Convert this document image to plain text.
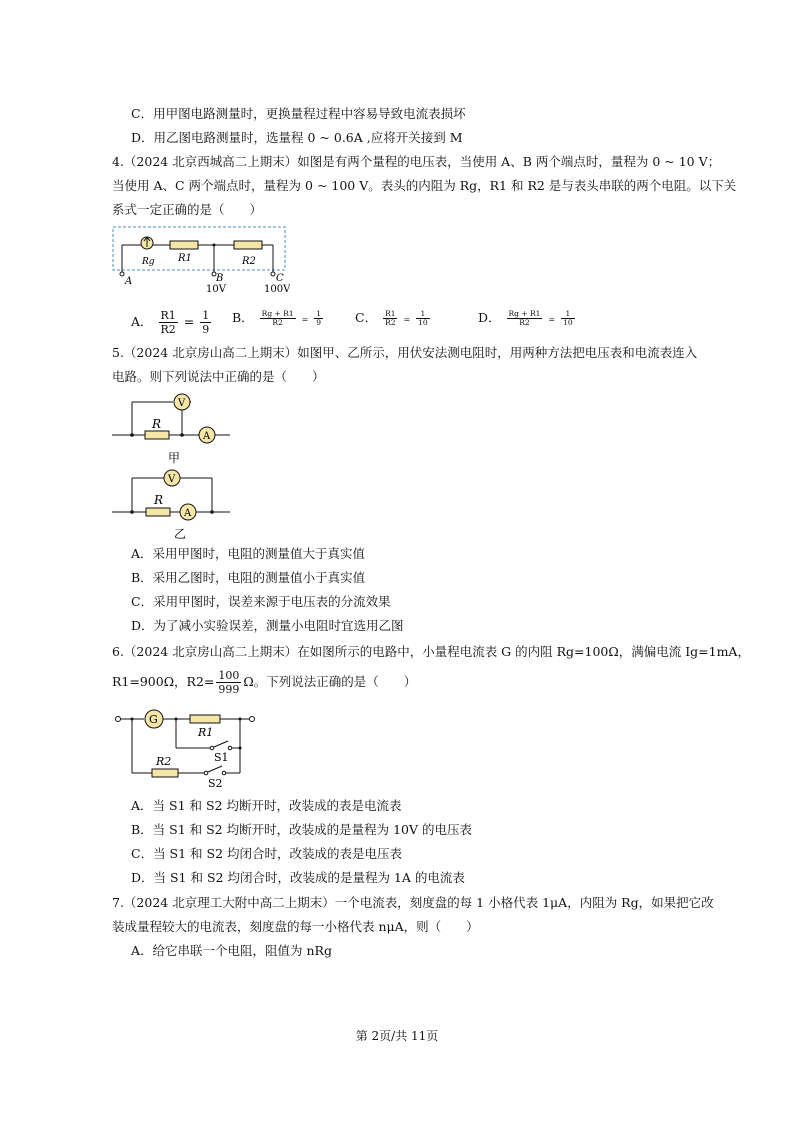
C．用甲图电路测量时，更换量程过程中容易导致电流表损坏
D．用乙图电路测量时，选量程 0 ~ 0.6A ,应将开关接到 M
4.（2024 北京西城高二上期末）如图是有两个量程的电压表，当使用 A、B 两个端点时，量程为 0 ~ 10 V；
当使用 A、C 两个端点时，量程为 0 ~ 100 V。表头的内阻为 Rg，R1 和 R2 是与表头串联的两个电阻。以下关
系式一定正确的是（　　）
Rg R1	R2
A	B	C
10V	100V
A． $\frac{R1}{R2} = \frac{1}{9}$ B． $\frac{Rg + R1}{R2} = \frac{1}{9}$	C． $\frac{R1}{R2} = \frac{1}{10}$	D． $\frac{Rg + R1}{R2} = \frac{1}{10}$
5.（2024 北京房山高二上期末）如图甲、乙所示，用伏安法测电阻时，用两种方法把电压表和电流表连入
电路。则下列说法中正确的是（　　）
V
A
R
甲
V
A
R
乙
A．采用甲图时，电阻的测量值大于真实值
B．采用乙图时，电阻的测量值小于真实值
C．采用甲图时，误差来源于电压表的分流效果
D．为了减小实验误差，测量小电阻时宜选用乙图
6.（2024 北京房山高二上期末）在如图所示的电路中，小量程电流表 G 的内阻 Rg=100Ω，满偏电流 Ig=1mA，
R1=900Ω，$R2= \frac{100}{999}$ Ω。下列说法正确的是（　　）
G
R1
R2	S1
S2
A．当 S1 和 S2 均断开时，改装成的表是电流表
B．当 S1 和 S2 均断开时，改装成的是量程为 10V 的电压表
C．当 S1 和 S2 均闭合时，改装成的表是电压表
D．当 S1 和 S2 均闭合时，改装成的是量程为 1A 的电流表
7.（2024 北京理工大附中高二上期末）一个电流表，刻度盘的每 1 小格代表 1μA，内阻为 Rg，如果把它改
装成量程较大的电流表，刻度盘的每一小格代表 nμA，则（　　）
A．给它串联一个电阻，阻值为 nRg
第 2页/共 11页
